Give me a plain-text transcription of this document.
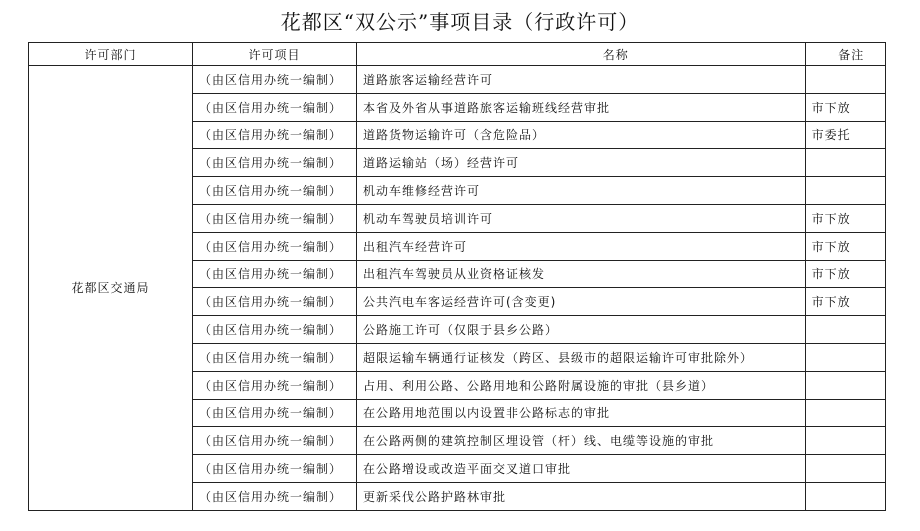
花都区“双公示”事项目录（行政许可）
许可部门	许可项目	名称	备注
花都区交通局	（由区信用办统一编制）	道路旅客运输经营许可	
	（由区信用办统一编制）	本省及外省从事道路旅客运输班线经营审批	市下放
	（由区信用办统一编制）	道路货物运输许可（含危险品）	市委托
	（由区信用办统一编制）	道路运输站（场）经营许可	
	（由区信用办统一编制）	机动车维修经营许可	
	（由区信用办统一编制）	机动车驾驶员培训许可	市下放
	（由区信用办统一编制）	出租汽车经营许可	市下放
	（由区信用办统一编制）	出租汽车驾驶员从业资格证核发	市下放
	（由区信用办统一编制）	公共汽电车客运经营许可(含变更)	市下放
	（由区信用办统一编制）	公路施工许可（仅限于县乡公路）	
	（由区信用办统一编制）	超限运输车辆通行证核发（跨区、县级市的超限运输许可审批除外）	
	（由区信用办统一编制）	占用、利用公路、公路用地和公路附属设施的审批（县乡道）	
	（由区信用办统一编制）	在公路用地范围以内设置非公路标志的审批	
	（由区信用办统一编制）	在公路两侧的建筑控制区埋设管（杆）线、电缆等设施的审批	
	（由区信用办统一编制）	在公路增设或改造平面交叉道口审批	
	（由区信用办统一编制）	更新采伐公路护路林审批	
